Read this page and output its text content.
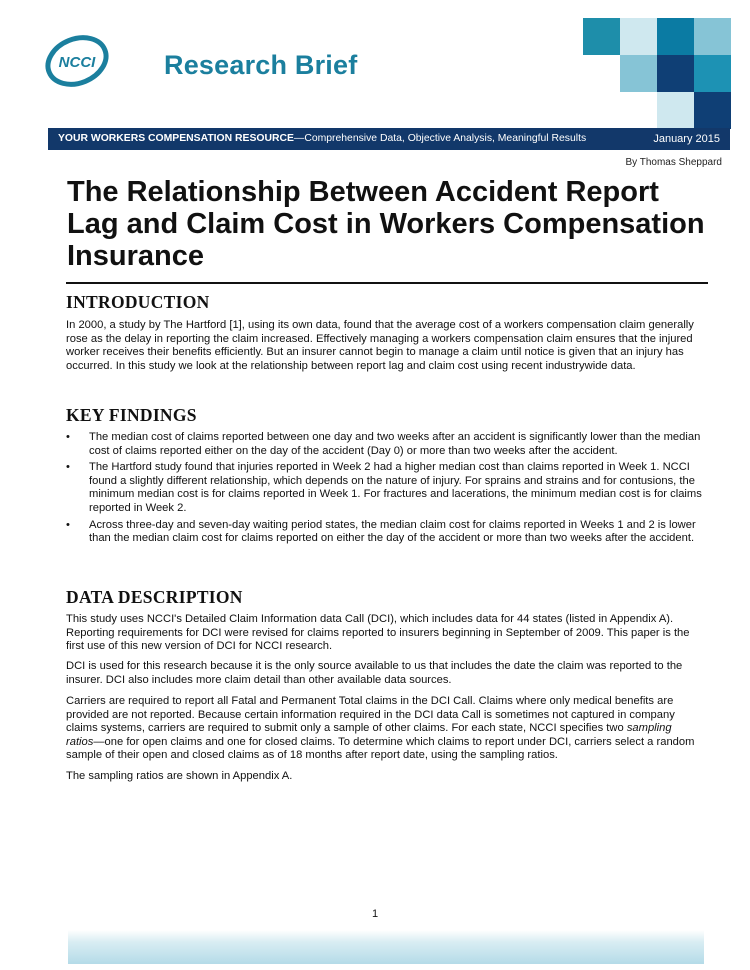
NCCI	Research Brief
YOUR WORKERS COMPENSATION RESOURCE—Comprehensive Data, Objective Analysis, Meaningful Results	January 2015
By Thomas Sheppard
The Relationship Between Accident Report Lag and Claim Cost in Workers Compensation Insurance
INTRODUCTION

In 2000, a study by The Hartford [1], using its own data, found that the average cost of a workers compensation claim generally rose as the delay in reporting the claim increased. Effectively managing a workers compensation claim ensures that the injured worker receives their benefits efficiently. But an insurer cannot begin to manage a claim until notice is given that an injury has occurred. In this study we look at the relationship between report lag and claim cost using recent industrywide data.

KEY FINDINGS
• The median cost of claims reported between one day and two weeks after an accident is significantly lower than the median cost of claims reported either on the day of the accident (Day 0) or more than two weeks after the accident.
• The Hartford study found that injuries reported in Week 2 had a higher median cost than claims reported in Week 1. NCCI found a slightly different relationship, which depends on the nature of injury. For sprains and strains and for contusions, the minimum median cost is for claims reported in Week 1. For fractures and lacerations, the minimum median cost is for claims reported in Week 2.
• Across three-day and seven-day waiting period states, the median claim cost for claims reported in Weeks 1 and 2 is lower than the median claim cost for claims reported on either the day of the accident or more than two weeks after the accident.
DATA DESCRIPTION

This study uses NCCI's Detailed Claim Information data Call (DCI), which includes data for 44 states (listed in Appendix A). Reporting requirements for DCI were revised for claims reported to insurers beginning in September of 2009. This paper is the first use of this new version of DCI for NCCI research.

DCI is used for this research because it is the only source available to us that includes the date the claim was reported to the insurer. DCI also includes more claim detail than other available data sources.

Carriers are required to report all Fatal and Permanent Total claims in the DCI Call. Claims where only medical benefits are provided are not reported. Because certain information required in the DCI data Call is sometimes not captured in company claims systems, carriers are required to submit only a sample of other claims. For each state, NCCI specifies two sampling ratios—one for open claims and one for closed claims. To determine which claims to report under DCI, carriers select a random sample of their open and closed claims as of 18 months after report date, using the sampling ratios.

The sampling ratios are shown in Appendix A.

1
